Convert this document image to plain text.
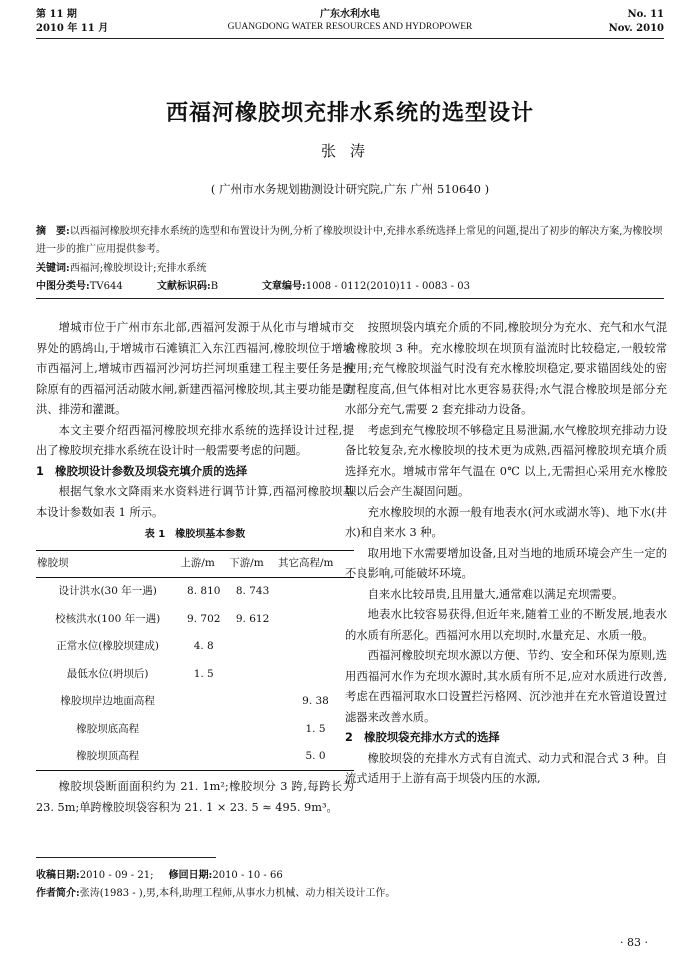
第 11 期
2010 年 11 月
广东水利水电
GUANGDONG WATER RESOURCES AND HYDROPOWER
No. 11
Nov. 2010
西福河橡胶坝充排水系统的选型设计
张涛
( 广州市水务规划勘测设计研究院,广东 广州 510640 )
摘　要:以西福河橡胶坝充排水系统的选型和布置设计为例,分析了橡胶坝设计中,充排水系统选择上常见的问题,提出了初步的解决方案,为橡胶坝进一步的推广应用提供参考。
关键词:西福河;橡胶坝设计;充排水系统
中图分类号:TV644	文献标识码:B	文章编号:1008 - 0112(2010)11 - 0083 - 03

增城市位于广州市东北部,西福河发源于从化市与增城市交界处的鸥鸪山,于增城市石滩镇汇入东江西福河,橡胶坝位于增城市西福河上,增城市西福河沙河坊拦河坝重建工程主要任务是拆除原有的西福河活动陂水闸,新建西福河橡胶坝,其主要功能是防洪、排涝和灌溉。

本文主要介绍西福河橡胶坝充排水系统的选择设计过程,提出了橡胶坝充排水系统在设计时一般需要考虑的问题。

1　橡胶坝设计参数及坝袋充填介质的选择

根据气象水文降雨来水资料进行调节计算,西福河橡胶坝基本设计参数如表 1 所示。

表 1　橡胶坝基本参数
橡胶坝	上游/m	下游/m	其它高程/m
设计洪水(30 年一遇)	8. 810	8. 743	
校核洪水(100 年一遇)	9. 702	9. 612	
正常水位(橡胶坝建成)	4. 8		
最低水位(坍坝后)	1. 5		
橡胶坝岸边地面高程			9. 38
橡胶坝底高程			1. 5
橡胶坝顶高程			5. 0

橡胶坝袋断面面积约为 21. 1m²;橡胶坝分 3 跨,每跨长为 23. 5m;单跨橡胶坝袋容积为 21. 1 × 23. 5 ≈ 495. 9m³。

按照坝袋内填充介质的不同,橡胶坝分为充水、充气和水气混合橡胶坝 3 种。充水橡胶坝在坝顶有溢流时比较稳定,一般较常使用;充气橡胶坝溢气时没有充水橡胶坝稳定,要求锚固线处的密封程度高,但气体相对比水更容易获得;水气混合橡胶坝是部分充水部分充气,需要 2 套充排动力设备。

考虑到充气橡胶坝不够稳定且易泄漏,水气橡胶坝充排动力设备比较复杂,充水橡胶坝的技术更为成熟,西福河橡胶坝充填介质选择充水。增城市常年气温在 0℃ 以上,无需担心采用充水橡胶坝以后会产生凝固问题。

充水橡胶坝的水源一般有地表水(河水或湖水等)、地下水(井水)和自来水 3 种。

取用地下水需要增加设备,且对当地的地质环境会产生一定的不良影响,可能破坏环境。

自来水比较昂贵,且用量大,通常难以满足充坝需要。

地表水比较容易获得,但近年来,随着工业的不断发展,地表水的水质有所恶化。西福河水用以充坝时,水量充足、水质一般。

西福河橡胶坝充坝水源以方便、节约、安全和环保为原则,选用西福河水作为充坝水源时,其水质有所不足,应对水质进行改善,考虑在西福河取水口设置拦污格网、沉沙池并在充水管道设置过滤器来改善水质。

2　橡胶坝袋充排水方式的选择

橡胶坝袋的充排水方式有自流式、动力式和混合式 3 种。自流式适用于上游有高于坝袋内压的水源,

收稿日期:2010 - 09 - 21; 修回日期:2010 - 10 - 66
作者简介:张涛(1983 - ),男,本科,助理工程师,从事水力机械、动力相关设计工作。
· 83 ·
